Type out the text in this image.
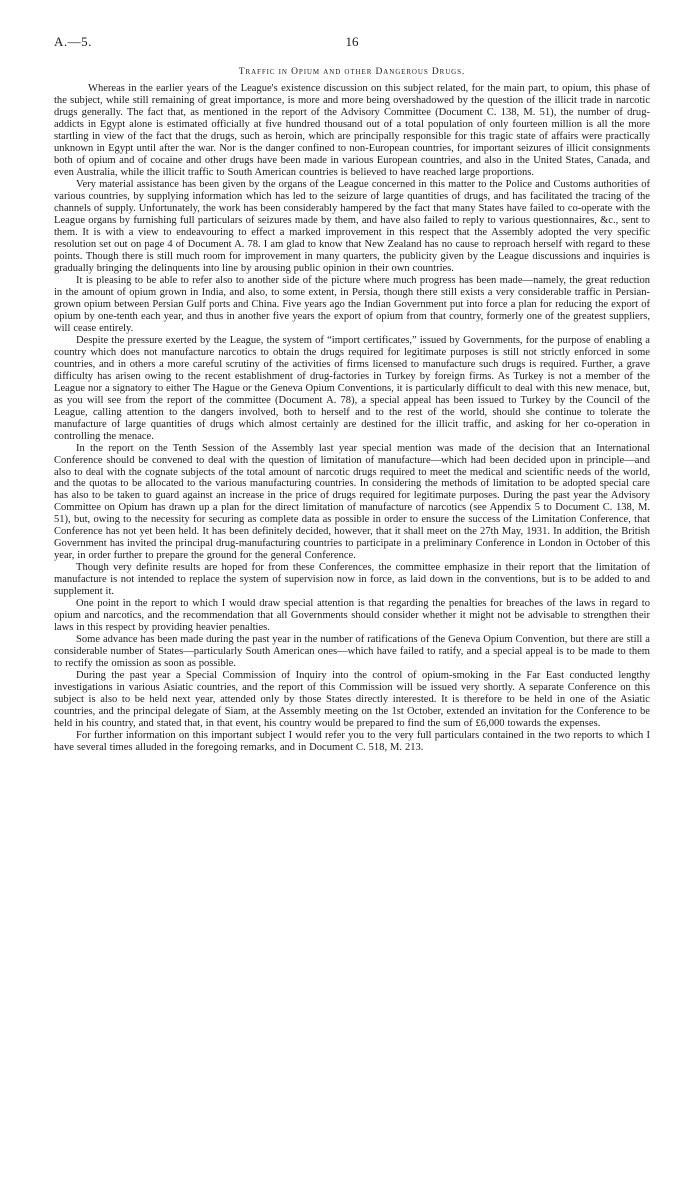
A.—5.	16
Traffic in Opium and other Dangerous Drugs.

Whereas in the earlier years of the League's existence discussion on this subject related, for the main part, to opium, this phase of the subject, while still remaining of great importance, is more and more being overshadowed by the question of the illicit trade in narcotic drugs generally. The fact that, as mentioned in the report of the Advisory Committee (Document C. 138, M. 51), the number of drug-addicts in Egypt alone is estimated officially at five hundred thousand out of a total population of only fourteen million is all the more startling in view of the fact that the drugs, such as heroin, which are principally responsible for this tragic state of affairs were practically unknown in Egypt until after the war. Nor is the danger confined to non-European countries, for important seizures of illicit consignments both of opium and of cocaine and other drugs have been made in various European countries, and also in the United States, Canada, and even Australia, while the illicit traffic to South American countries is believed to have reached large proportions.

Very material assistance has been given by the organs of the League concerned in this matter to the Police and Customs authorities of various countries, by supplying information which has led to the seizure of large quantities of drugs, and has facilitated the tracing of the channels of supply. Unfortunately, the work has been considerably hampered by the fact that many States have failed to co-operate with the League organs by furnishing full particulars of seizures made by them, and have also failed to reply to various questionnaires, &c., sent to them. It is with a view to endeavouring to effect a marked improvement in this respect that the Assembly adopted the very specific resolution set out on page 4 of Document A. 78. I am glad to know that New Zealand has no cause to reproach herself with regard to these points. Though there is still much room for improvement in many quarters, the publicity given by the League discussions and inquiries is gradually bringing the delinquents into line by arousing public opinion in their own countries.

It is pleasing to be able to refer also to another side of the picture where much progress has been made—namely, the great reduction in the amount of opium grown in India, and also, to some extent, in Persia, though there still exists a very considerable traffic in Persian-grown opium between Persian Gulf ports and China. Five years ago the Indian Government put into force a plan for reducing the export of opium by one-tenth each year, and thus in another five years the export of opium from that country, formerly one of the greatest suppliers, will cease entirely.

Despite the pressure exerted by the League, the system of “import certificates,” issued by Governments, for the purpose of enabling a country which does not manufacture narcotics to obtain the drugs required for legitimate purposes is still not strictly enforced in some countries, and in others a more careful scrutiny of the activities of firms licensed to manufacture such drugs is required. Further, a grave difficulty has arisen owing to the recent establishment of drug-factories in Turkey by foreign firms. As Turkey is not a member of the League nor a signatory to either The Hague or the Geneva Opium Conventions, it is particularly difficult to deal with this new menace, but, as you will see from the report of the committee (Document A. 78), a special appeal has been issued to Turkey by the Council of the League, calling attention to the dangers involved, both to herself and to the rest of the world, should she continue to tolerate the manufacture of large quantities of drugs which almost certainly are destined for the illicit traffic, and asking for her co-operation in controlling the menace.

In the report on the Tenth Session of the Assembly last year special mention was made of the decision that an International Conference should be convened to deal with the question of limitation of manufacture—which had been decided upon in principle—and also to deal with the cognate subjects of the total amount of narcotic drugs required to meet the medical and scientific needs of the world, and the quotas to be allocated to the various manufacturing countries. In considering the methods of limitation to be adopted special care has also to be taken to guard against an increase in the price of drugs required for legitimate purposes. During the past year the Advisory Committee on Opium has drawn up a plan for the direct limitation of manufacture of narcotics (see Appendix 5 to Document C. 138, M. 51), but, owing to the necessity for securing as complete data as possible in order to ensure the success of the Limitation Conference, that Conference has not yet been held. It has been definitely decided, however, that it shall meet on the 27th May, 1931. In addition, the British Government has invited the principal drug-manufacturing countries to participate in a preliminary Conference in London in October of this year, in order further to prepare the ground for the general Conference.

Though very definite results are hoped for from these Conferences, the committee emphasize in their report that the limitation of manufacture is not intended to replace the system of supervision now in force, as laid down in the conventions, but is to be added to and supplement it.

One point in the report to which I would draw special attention is that regarding the penalties for breaches of the laws in regard to opium and narcotics, and the recommendation that all Governments should consider whether it might not be advisable to strengthen their laws in this respect by providing heavier penalties.

Some advance has been made during the past year in the number of ratifications of the Geneva Opium Convention, but there are still a considerable number of States—particularly South American ones—which have failed to ratify, and a special appeal is to be made to them to rectify the omission as soon as possible.

During the past year a Special Commission of Inquiry into the control of opium-smoking in the Far East conducted lengthy investigations in various Asiatic countries, and the report of this Commission will be issued very shortly. A separate Conference on this subject is also to be held next year, attended only by those States directly interested. It is therefore to be held in one of the Asiatic countries, and the principal delegate of Siam, at the Assembly meeting on the 1st October, extended an invitation for the Conference to be held in his country, and stated that, in that event, his country would be prepared to find the sum of £6,000 towards the expenses.

For further information on this important subject I would refer you to the very full particulars contained in the two reports to which I have several times alluded in the foregoing remarks, and in Document C. 518, M. 213.
